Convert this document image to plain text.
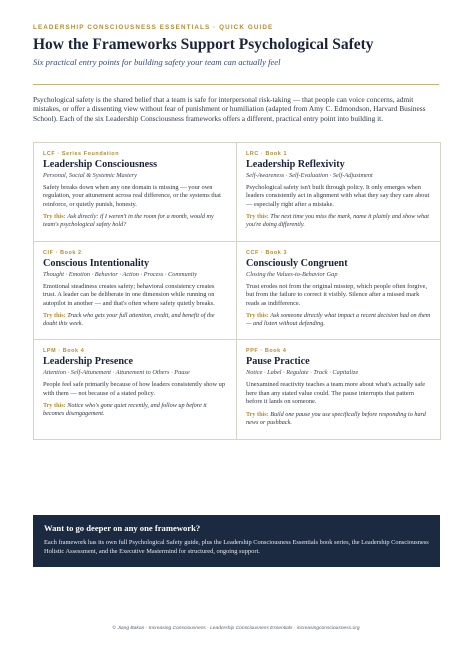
LEADERSHIP CONSCIOUSNESS ESSENTIALS · QUICK GUIDE
How the Frameworks Support Psychological Safety
Six practical entry points for building safety your team can actually feel

Psychological safety is the shared belief that a team is safe for interpersonal risk-taking — that people can voice concerns, admit mistakes, or offer a dissenting view without fear of punishment or humiliation (adapted from Amy C. Edmondson, Harvard Business School). Each of the six Leadership Consciousness frameworks offers a different, practical entry point into building it.

LCF · Series Foundation
Leadership Consciousness
Personal, Social & Systemic Mastery
Safety breaks down when any one domain is missing — your own regulation, your attunement across real difference, or the systems that reinforce, or quietly punish, honesty.
Try this: Ask directly: if I weren't in the room for a month, would my team's psychological safety hold?
LRC · Book 1
Leadership Reflexivity
Self-Awareness · Self-Evaluation · Self-Adjustment
Psychological safety isn't built through policy. It only emerges when leaders consistently act in alignment with what they say they care about — especially right after a mistake.
Try this: The next time you miss the mark, name it plainly and show what you're doing differently.
CIF · Book 2
Conscious Intentionality
Thought · Emotion · Behavior · Action · Process · Community
Emotional steadiness creates safety; behavioral consistency creates trust. A leader can be deliberate in one dimension while running on autopilot in another — and that's often where safety quietly breaks.
Try this: Track who gets your full attention, credit, and benefit of the doubt this week.
CCF · Book 3
Consciously Congruent
Closing the Values-to-Behavior Gap
Trust erodes not from the original misstep, which people often forgive, but from the failure to correct it visibly. Silence after a missed mark reads as indifference.
Try this: Ask someone directly what impact a recent decision had on them — and listen without defending.
LPM · Book 4
Leadership Presence
Attention · Self-Attunement · Attunement to Others · Pause
People feel safe primarily because of how leaders consistently show up with them — not because of a stated policy.
Try this: Notice who's gone quiet recently, and follow up before it becomes disengagement.
PPF · Book 4
Pause Practice
Notice · Label · Regulate · Track · Capitalize
Unexamined reactivity teaches a team more about what's actually safe here than any stated value could. The pause interrupts that pattern before it lands on someone.
Try this: Build one pause you use specifically before responding to hard news or pushback.
Want to go deeper on any one framework?
Each framework has its own full Psychological Safety guide, plus the Leadership Consciousness Essentials book series, the Leadership Consciousness Holistic Assessment, and the Executive Mastermind for structured, ongoing support.
© Jiang Bakan · Increasing Consciousness · Leadership Consciousness Essentials · increasingconsciousness.org
